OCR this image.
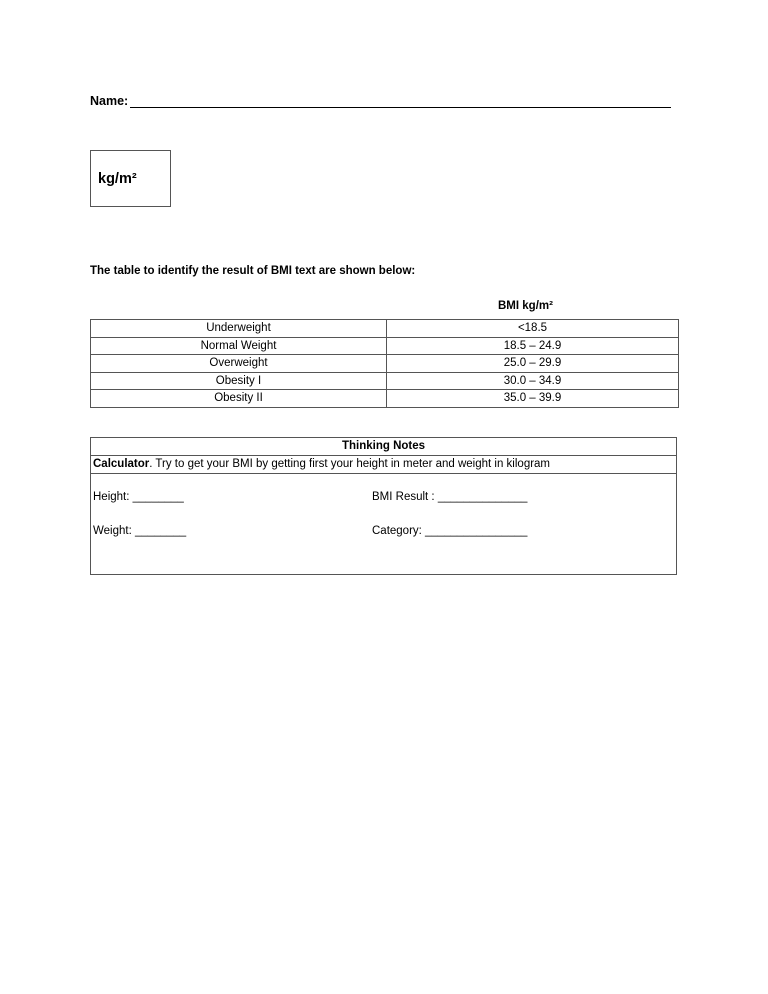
Name:
kg/m²
The table to identify the result of BMI text are shown below:
BMI kg/m²
Underweight	<18.5
Normal Weight	18.5 – 24.9
Overweight	25.0 – 29.9
Obesity I	30.0 – 34.9
Obesity II	35.0 – 39.9
Thinking Notes
Calculator. Try to get your BMI by getting first your height in meter and weight in kilogram
Height: ________	BMI Result : ______________
Weight: ________	Category: ________________
